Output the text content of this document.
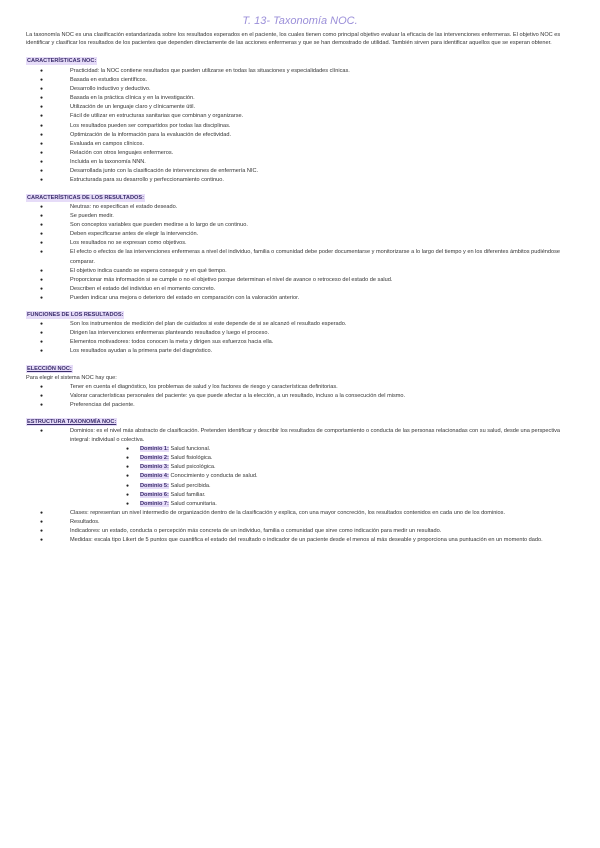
T. 13- Taxonomía NOC.
La taxonomía NOC es una clasificación estandarizada sobre los resultados esperados en el paciente, los cuales tienen como principal objetivo evaluar la eficacia de las intervenciones enfermeras. El objetivo NOC es identificar y clasificar los resultados de los pacientes que dependen directamente de las acciones enfermeras y que se han demostrado de utilidad. También sirven para identificar aquellos que se esperan obtener.
CARACTERÍSTICAS NOC:
● Practicidad: la NOC contiene resultados que pueden utilizarse en todas las situaciones y especialidades clínicas.
● Basada en estudios científicos.
● Desarrollo inductivo y deductivo.
● Basada en la práctica clínica y en la investigación.
● Utilización de un lenguaje claro y clínicamente útil.
● Fácil de utilizar en estructuras sanitarias que combinan y organizarse.
● Los resultados pueden ser compartidos por todas las disciplinas.
● Optimización de la información para la evaluación de efectividad.
● Evaluada en campos clínicos.
● Relación con otros lenguajes enfermeros.
● Incluida en la taxonomía NNN.
● Desarrollada junto con la clasificación de intervenciones de enfermería NIC.
● Estructurada para su desarrollo y perfeccionamiento continuo.
CARACTERÍSTICAS DE LOS RESULTADOS:
● Neutras: no especifican el estado deseado.
● Se pueden medir.
● Son conceptos variables que pueden medirse a lo largo de un continuo.
● Deben especificarse antes de elegir la intervención.
● Los resultados no se expresan como objetivos.
● El efecto o efectos de las intervenciones enfermeras a nivel del individuo, familia o comunidad debe poder documentarse y monitorizarse a lo largo del tiempo y en los diferentes ámbitos pudiéndose comparar.
● El objetivo indica cuando se espera conseguir y en qué tiempo.
● Proporcionar más información si se cumple o no el objetivo porque determinan el nivel de avance o retroceso del estado de salud.
● Describen el estado del individuo en el momento concreto.
● Pueden indicar una mejora o deterioro del estado en comparación con la valoración anterior.
FUNCIONES DE LOS RESULTADOS:
● Son los instrumentos de medición del plan de cuidados si este depende de si se alcanzó el resultado esperado.
● Dirigen las intervenciones enfermeras planteando resultados y luego el proceso.
● Elementos motivadores: todos conocen la meta y dirigen sus esfuerzos hacia ella.
● Los resultados ayudan a la primera parte del diagnóstico.
ELECCIÓN NOC:
Para elegir el sistema NOC hay que:
● Tener en cuenta el diagnóstico, los problemas de salud y los factores de riesgo y características definitorias.
● Valorar características personales del paciente: ya que puede afectar a la elección, a un resultado, incluso a la consecución del mismo.
● Preferencias del paciente.
ESTRUCTURA TAXONOMÍA NOC:
● Dominios: es el nivel más abstracto de clasificación. Pretenden identificar y describir los resultados de comportamiento o conducta de las personas relacionadas con su salud, desde una perspectiva integral: individual o colectiva.
● Dominio 1: Salud funcional.
● Dominio 2: Salud fisiológica.
● Dominio 3: Salud psicológica.
● Dominio 4: Conocimiento y conducta de salud.
● Dominio 5: Salud percibida.
● Dominio 6: Salud familiar.
● Dominio 7: Salud comunitaria.
● Clases: representan un nivel intermedio de organización dentro de la clasificación y explica, con una mayor concreción, los resultados contenidos en cada uno de los dominios.
● Resultados.
● Indicadores: un estado, conducta o percepción más concreta de un individuo, familia o comunidad que sirve como indicación para medir un resultado.
● Medidas: escala tipo Likert de 5 puntos que cuantifica el estado del resultado o indicador de un paciente desde el menos al más deseable y proporciona una puntuación en un momento dado.
